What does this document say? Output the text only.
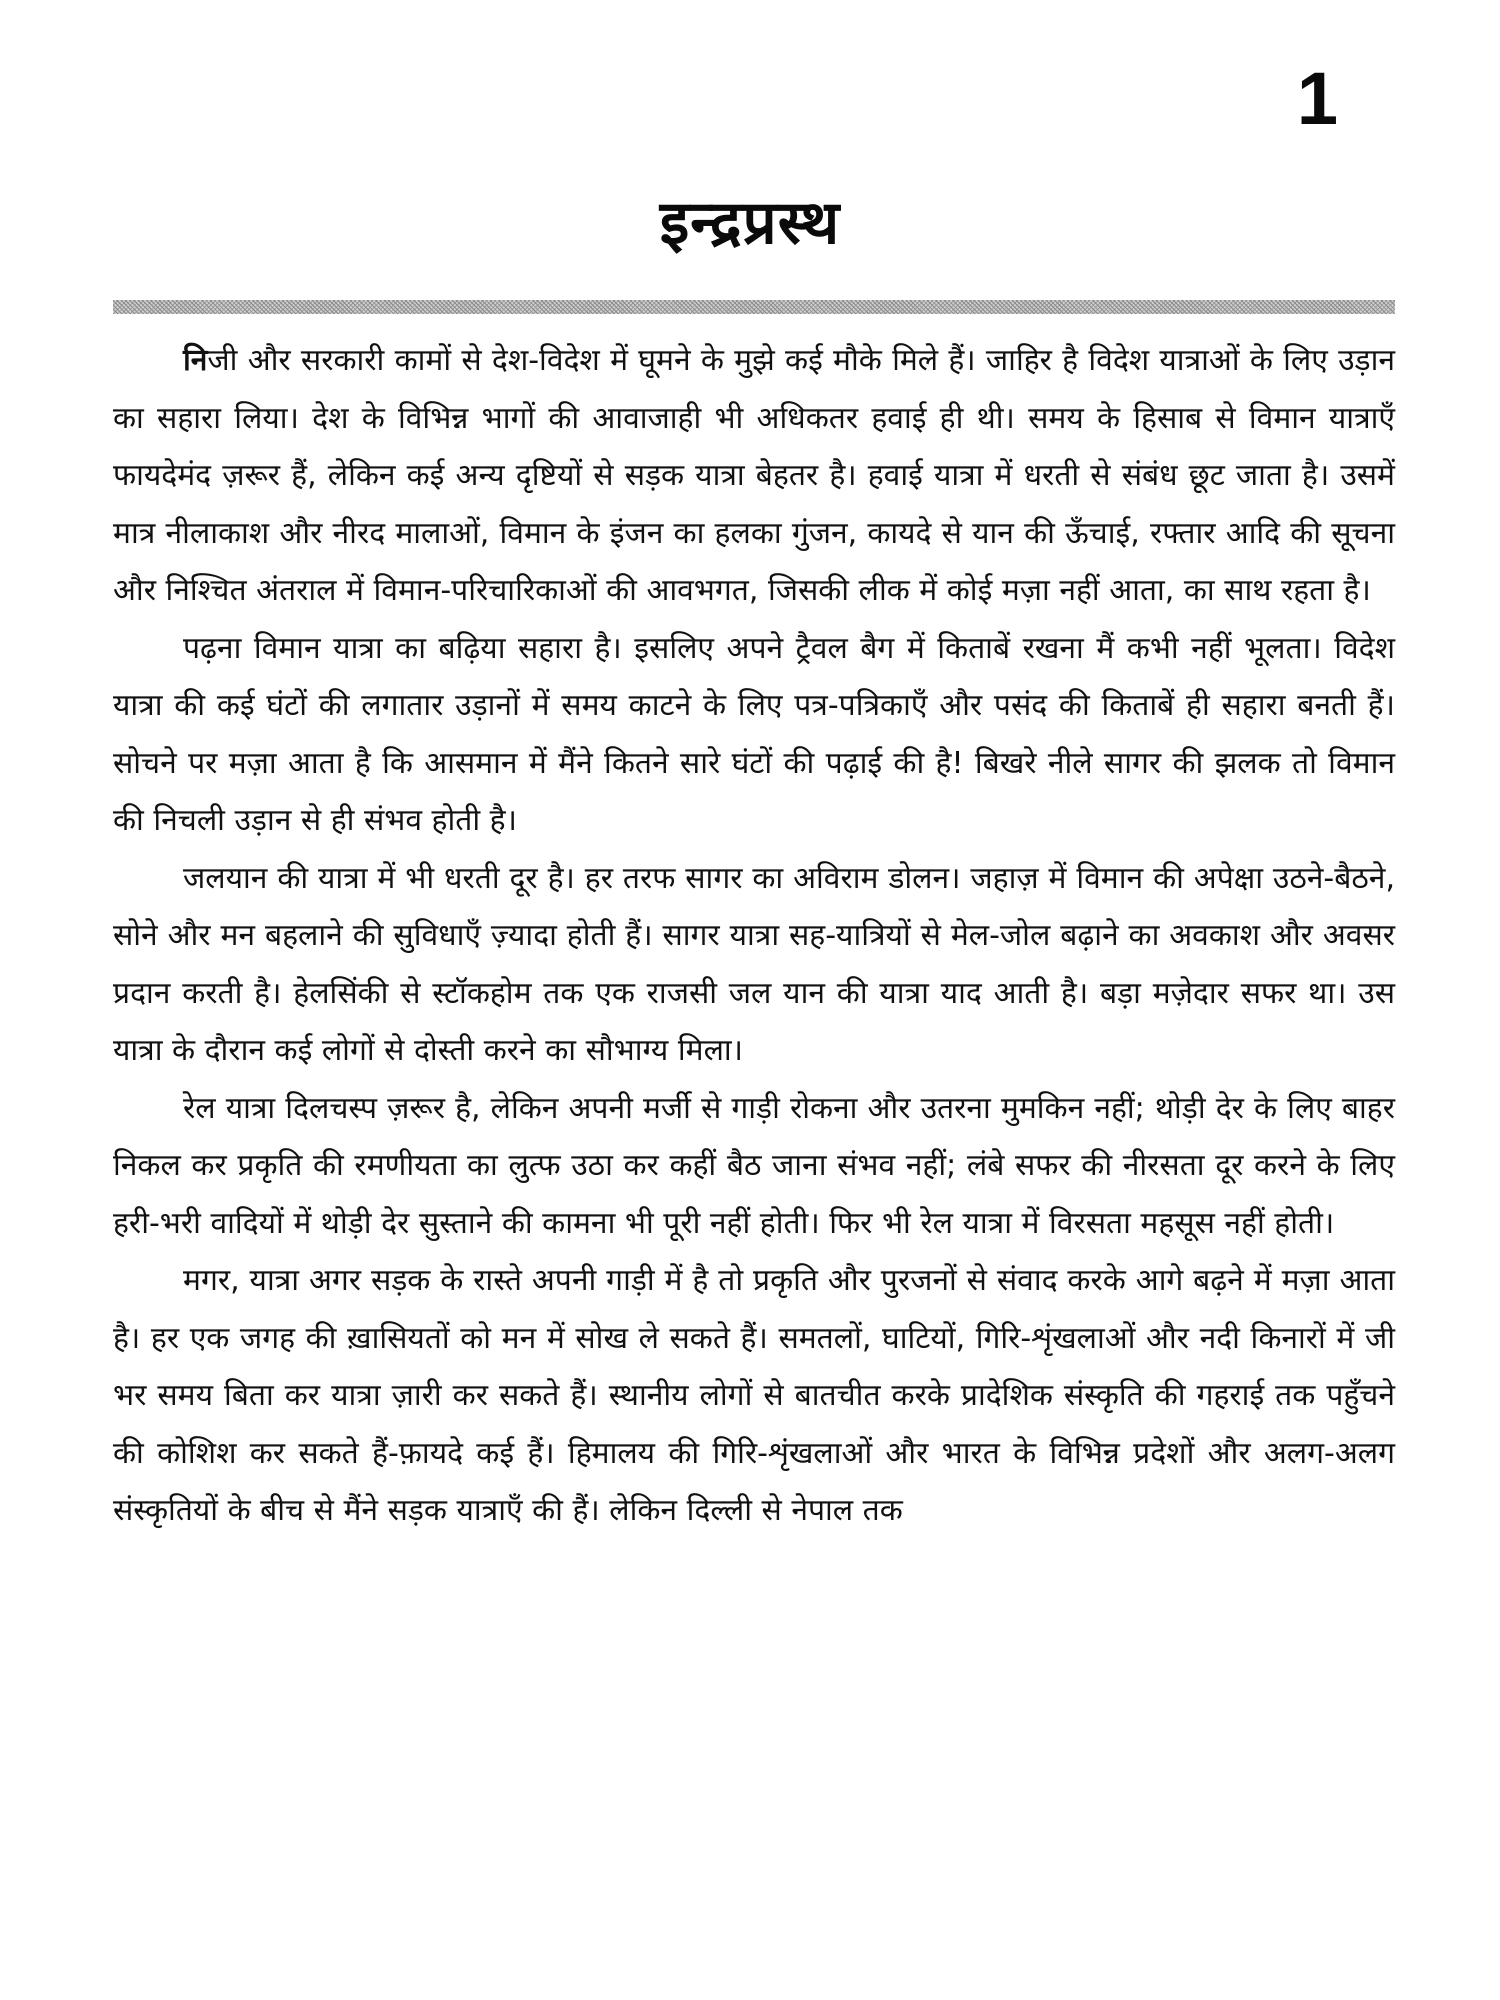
1
इन्द्रप्रस्थ

निजी और सरकारी कामों से देश-विदेश में घूमने के मुझे कई मौके मिले हैं। जाहिर है विदेश यात्राओं के लिए उड़ान का सहारा लिया। देश के विभिन्न भागों की आवाजाही भी अधिकतर हवाई ही थी। समय के हिसाब से विमान यात्राएँ फायदेमंद ज़रूर हैं, लेकिन कई अन्य दृष्टियों से सड़क यात्रा बेहतर है। हवाई यात्रा में धरती से संबंध छूट जाता है। उसमें मात्र नीलाकाश और नीरद मालाओं, विमान के इंजन का हलका गुंजन, कायदे से यान की ऊँचाई, रफ्तार आदि की सूचना और निश्चित अंतराल में विमान-परिचारिकाओं की आवभगत, जिसकी लीक में कोई मज़ा नहीं आता, का साथ रहता है।

पढ़ना विमान यात्रा का बढ़िया सहारा है। इसलिए अपने ट्रैवल बैग में किताबें रखना मैं कभी नहीं भूलता। विदेश यात्रा की कई घंटों की लगातार उड़ानों में समय काटने के लिए पत्र-पत्रिकाएँ और पसंद की किताबें ही सहारा बनती हैं। सोचने पर मज़ा आता है कि आसमान में मैंने कितने सारे घंटों की पढ़ाई की है! बिखरे नीले सागर की झलक तो विमान की निचली उड़ान से ही संभव होती है।

जलयान की यात्रा में भी धरती दूर है। हर तरफ सागर का अविराम डोलन। जहाज़ में विमान की अपेक्षा उठने-बैठने, सोने और मन बहलाने की सुविधाएँ ज़्यादा होती हैं। सागर यात्रा सह-यात्रियों से मेल-जोल बढ़ाने का अवकाश और अवसर प्रदान करती है। हेलसिंकी से स्टॉकहोम तक एक राजसी जल यान की यात्रा याद आती है। बड़ा मज़ेदार सफर था। उस यात्रा के दौरान कई लोगों से दोस्ती करने का सौभाग्य मिला।

रेल यात्रा दिलचस्प ज़रूर है, लेकिन अपनी मर्जी से गाड़ी रोकना और उतरना मुमकिन नहीं; थोड़ी देर के लिए बाहर निकल कर प्रकृति की रमणीयता का लुत्फ उठा कर कहीं बैठ जाना संभव नहीं; लंबे सफर की नीरसता दूर करने के लिए हरी-भरी वादियों में थोड़ी देर सुस्ताने की कामना भी पूरी नहीं होती। फिर भी रेल यात्रा में विरसता महसूस नहीं होती।

मगर, यात्रा अगर सड़क के रास्ते अपनी गाड़ी में है तो प्रकृति और पुरजनों से संवाद करके आगे बढ़ने में मज़ा आता है। हर एक जगह की ख़ासियतों को मन में सोख ले सकते हैं। समतलों, घाटियों, गिरि-शृंखलाओं और नदी किनारों में जी भर समय बिता कर यात्रा ज़ारी कर सकते हैं। स्थानीय लोगों से बातचीत करके प्रादेशिक संस्कृति की गहराई तक पहुँचने की कोशिश कर सकते हैं-फ़ायदे कई हैं। हिमालय की गिरि-शृंखलाओं और भारत के विभिन्न प्रदेशों और अलग-अलग संस्कृतियों के बीच से मैंने सड़क यात्राएँ की हैं। लेकिन दिल्ली से नेपाल तक
